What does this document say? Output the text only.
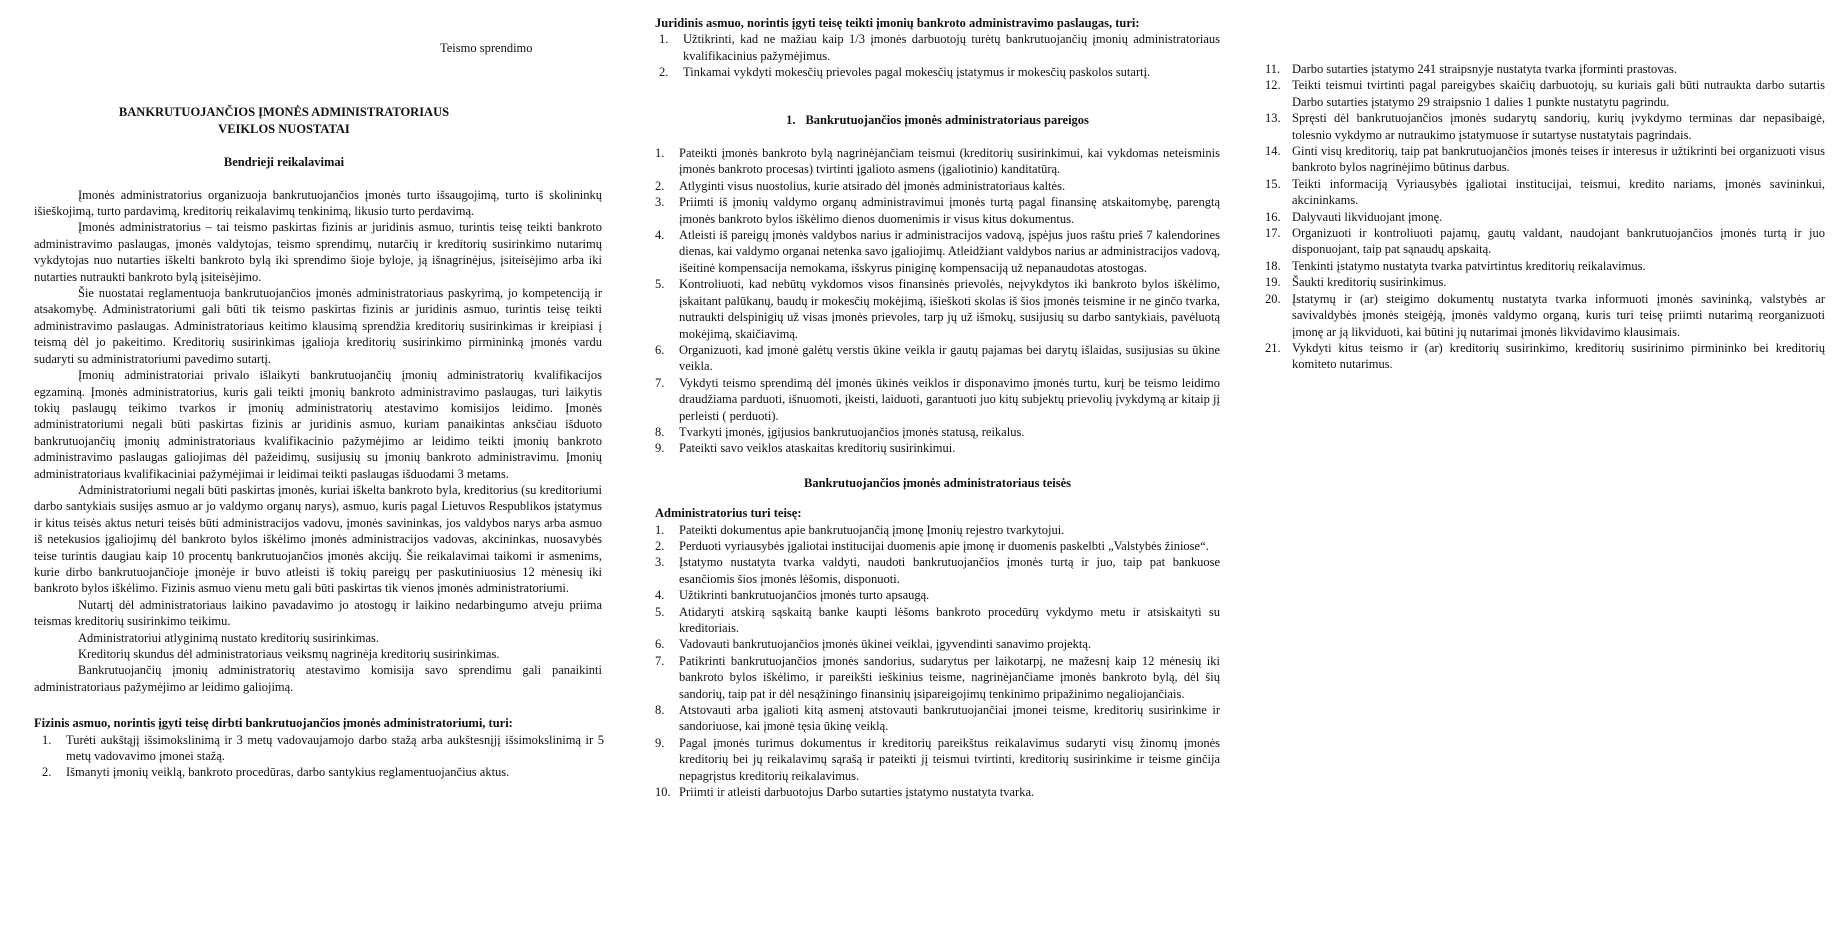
Teismo sprendimo
BANKRUTUOJANČIOS ĮMONĖS ADMINISTRATORIAUS
VEIKLOS NUOSTATAI
Bendrieji reikalavimai

Įmonės administratorius organizuoja bankrutuojančios įmonės turto išsaugojimą, turto iš skolininkų išieškojimą, turto pardavimą, kreditorių reikalavimų tenkinimą, likusio turto perdavimą.

Įmonės administratorius – tai teismo paskirtas fizinis ar juridinis asmuo, turintis teisę teikti bankroto administravimo paslaugas, įmonės valdytojas, teismo sprendimų, nutarčių ir kreditorių susirinkimo nutarimų vykdytojas nuo nutarties iškelti bankroto bylą iki sprendimo šioje byloje, ją išnagrinėjus, įsiteisėjimo arba iki nutarties nutraukti bankroto bylą įsiteisėjimo.

Šie nuostatai reglamentuoja bankrutuojančios įmonės administratoriaus paskyrimą, jo kompetenciją ir atsakomybę. Administratoriumi gali būti tik teismo paskirtas fizinis ar juridinis asmuo, turintis teisę teikti administravimo paslaugas. Administratoriaus keitimo klausimą sprendžia kreditorių susirinkimas ir kreipiasi į teismą dėl jo pakeitimo. Kreditorių susirinkimas įgalioja kreditorių susirinkimo pirmininką įmonės vardu sudaryti su administratoriumi pavedimo sutartį.

Įmonių administratoriai privalo išlaikyti bankrutuojančių įmonių administratorių kvalifikacijos egzaminą. Įmonės administratorius, kuris gali teikti įmonių bankroto administravimo paslaugas, turi laikytis tokių paslaugų teikimo tvarkos ir įmonių administratorių atestavimo komisijos leidimo. Įmonės administratoriumi negali būti paskirtas fizinis ar juridinis asmuo, kuriam panaikintas anksčiau išduoto bankrutuojančių įmonių administratoriaus kvalifikacinio pažymėjimo ar leidimo teikti įmonių bankroto administravimo paslaugas galiojimas dėl pažeidimų, susijusių su įmonių bankroto administravimu. Įmonių administratoriaus kvalifikaciniai pažymėjimai ir leidimai teikti paslaugas išduodami 3 metams.

Administratoriumi negali būti paskirtas įmonės, kuriai iškelta bankroto byla, kreditorius (su kreditoriumi darbo santykiais susijęs asmuo ar jo valdymo organų narys), asmuo, kuris pagal Lietuvos Respublikos įstatymus ir kitus teisės aktus neturi teisės būti administracijos vadovu, įmonės savininkas, jos valdybos narys arba asmuo iš netekusios įgaliojimų dėl bankroto bylos iškėlimo įmonės administracijos vadovas, akcininkas, nuosavybės teise turintis daugiau kaip 10 procentų bankrutuojančios įmonės akcijų. Šie reikalavimai taikomi ir asmenims, kurie dirbo bankrutuojančioje įmonėje ir buvo atleisti iš tokių pareigų per paskutiniuosius 12 mėnesių iki bankroto bylos iškėlimo. Fizinis asmuo vienu metu gali būti paskirtas tik vienos įmonės administratoriumi.

Nutartį dėl administratoriaus laikino pavadavimo jo atostogų ir laikino nedarbingumo atveju priima teismas kreditorių susirinkimo teikimu.

Administratoriui atlyginimą nustato kreditorių susirinkimas.

Kreditorių skundus dėl administratoriaus veiksmų nagrinėja kreditorių susirinkimas.

Bankrutuojančių įmonių administratorių atestavimo komisija savo sprendimu gali panaikinti administratoriaus pažymėjimo ar leidimo galiojimą.

Fizinis asmuo, norintis įgyti teisę dirbti bankrutuojančios įmonės administratoriumi, turi:
1.	Turėti aukštąjį išsimokslinimą ir 3 metų vadovaujamojo darbo stažą arba aukštesnįjį išsimokslinimą ir 5 metų vadovavimo įmonei stažą.
2.	Išmanyti įmonių veiklą, bankroto procedūras, darbo santykius reglamentuojančius aktus.
Juridinis asmuo, norintis įgyti teisę teikti įmonių bankroto administravimo paslaugas, turi:
1.	Užtikrinti, kad ne mažiau kaip 1/3 įmonės darbuotojų turėtų bankrutuojančių įmonių administratoriaus kvalifikacinius pažymėjimus.
2.	Tinkamai vykdyti mokesčių prievoles pagal mokesčių įstatymus ir mokesčių paskolos sutartį.
1. Bankrutuojančios įmonės administratoriaus pareigos
1.	Pateikti įmonės bankroto bylą nagrinėjančiam teismui (kreditorių susirinkimui, kai vykdomas neteisminis įmonės bankroto procesas) tvirtinti įgalioto asmens (įgaliotinio) kanditatūrą.
2.	Atlyginti visus nuostolius, kurie atsirado dėl įmonės administratoriaus kaltės.
3.	Priimti iš įmonių valdymo organų administravimui įmonės turtą pagal finansinę atskaitomybę, parengtą įmonės bankroto bylos iškėlimo dienos duomenimis ir visus kitus dokumentus.
4.	Atleisti iš pareigų įmonės valdybos narius ir administracijos vadovą, įspėjus juos raštu prieš 7 kalendorines dienas, kai valdymo organai netenka savo įgaliojimų. Atleidžiant valdybos narius ar administracijos vadovą, išeitinė kompensacija nemokama, išskyrus piniginę kompensaciją už nepanaudotas atostogas.
5.	Kontroliuoti, kad nebūtų vykdomos visos finansinės prievolės, neįvykdytos iki bankroto bylos iškėlimo, įskaitant palūkanų, baudų ir mokesčių mokėjimą, išieškoti skolas iš šios įmonės teismine ir ne ginčo tvarka, nutraukti delspinigių už visas įmonės prievoles, tarp jų už išmokų, susijusių su darbo santykiais, pavėluotą mokėjimą, skaičiavimą.
6.	Organizuoti, kad įmonė galėtų verstis ūkine veikla ir gautų pajamas bei darytų išlaidas, susijusias su ūkine veikla.
7.	Vykdyti teismo sprendimą dėl įmonės ūkinės veiklos ir disponavimo įmonės turtu, kurį be teismo leidimo draudžiama parduoti, išnuomoti, įkeisti, laiduoti, garantuoti juo kitų subjektų prievolių įvykdymą ar kitaip jį perleisti ( perduoti).
8.	Tvarkyti įmonės, įgijusios bankrutuojančios įmonės statusą, reikalus.
9.	Pateikti savo veiklos ataskaitas kreditorių susirinkimui.
Bankrutuojančios įmonės administratoriaus teisės
Administratorius turi teisę:
1.	Pateikti dokumentus apie bankrutuojančią įmonę Įmonių rejestro tvarkytojui.
2.	Perduoti vyriausybės įgaliotai institucijai duomenis apie įmonę ir duomenis paskelbti „Valstybės žiniose“.
3.	Įstatymo nustatyta tvarka valdyti, naudoti bankrutuojančios įmonės turtą ir juo, taip pat bankuose esančiomis šios įmonės lėšomis, disponuoti.
4.	Užtikrinti bankrutuojančios įmonės turto apsaugą.
5.	Atidaryti atskirą sąskaitą banke kaupti lėšoms bankroto procedūrų vykdymo metu ir atsiskaityti su kreditoriais.
6.	Vadovauti bankrutuojančios įmonės ūkinei veiklai, įgyvendinti sanavimo projektą.
7.	Patikrinti bankrutuojančios įmonės sandorius, sudarytus per laikotarpį, ne mažesnį kaip 12 mėnesių iki bankroto bylos iškėlimo, ir pareikšti ieškinius teisme, nagrinėjančiame įmonės bankroto bylą, dėl šių sandorių, taip pat ir dėl nesąžiningo finansinių įsipareigojimų tenkinimo pripažinimo negaliojančiais.
8.	Atstovauti arba įgalioti kitą asmenį atstovauti bankrutuojančiai įmonei teisme, kreditorių susirinkime ir sandoriuose, kai įmonė tęsia ūkinę veiklą.
9.	Pagal įmonės turimus dokumentus ir kreditorių pareikštus reikalavimus sudaryti visų žinomų įmonės kreditorių bei jų reikalavimų sąrašą ir pateikti jį teismui tvirtinti, kreditorių susirinkime ir teisme ginčija nepagrįstus kreditorių reikalavimus.
10. Priimti ir atleisti darbuotojus Darbo sutarties įstatymo nustatyta tvarka.
11. Darbo sutarties įstatymo 241 straipsnyje nustatyta tvarka įforminti prastovas.
12. Teikti teismui tvirtinti pagal pareigybes skaičių darbuotojų, su kuriais gali būti nutraukta darbo sutartis Darbo sutarties įstatymo 29 straipsnio 1 dalies 1 punkte nustatytu pagrindu.
13. Spręsti dėl bankrutuojančios įmonės sudarytų sandorių, kurių įvykdymo terminas dar nepasibaigė, tolesnio vykdymo ar nutraukimo įstatymuose ir sutartyse nustatytais pagrindais.
14. Ginti visų kreditorių, taip pat bankrutuojančios įmonės teises ir interesus ir užtikrinti bei organizuoti visus bankroto bylos nagrinėjimo būtinus darbus.
15. Teikti informaciją Vyriausybės įgaliotai institucijai, teismui, kredito nariams, įmonės savininkui, akcininkams.
16. Dalyvauti likviduojant įmonę.
17. Organizuoti ir kontroliuoti pajamų, gautų valdant, naudojant bankrutuojančios įmonės turtą ir juo disponuojant, taip pat sąnaudų apskaitą.
18. Tenkinti įstatymo nustatyta tvarka patvirtintus kreditorių reikalavimus.
19. Šaukti kreditorių susirinkimus.
20. Įstatymų ir (ar) steigimo dokumentų nustatyta tvarka informuoti įmonės savininką, valstybės ar savivaldybės įmonės steigėją, įmonės valdymo organą, kuris turi teisę priimti nutarimą reorganizuoti įmonę ar ją likviduoti, kai būtini jų nutarimai įmonės likvidavimo klausimais.
21. Vykdyti kitus teismo ir (ar) kreditorių susirinkimo, kreditorių susirinimo pirmininko bei kreditorių komiteto nutarimus.
